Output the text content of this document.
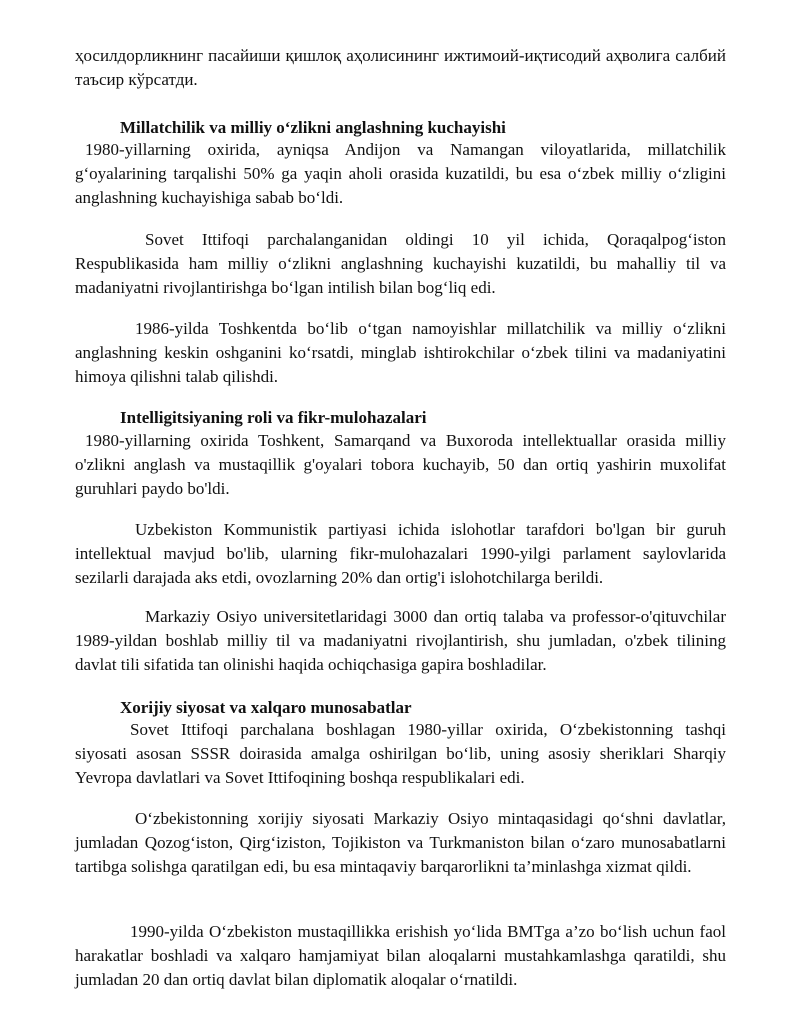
ҳосилдорликнинг пасайиши қишлоқ аҳолисининг ижтимоий-иқтисодий аҳволига салбий таъсир кўрсатди.

Millatchilik va milliy oʻzlikni anglashning kuchayishi

1980-yillarning oxirida, ayniqsa Andijon va Namangan viloyatlarida, millatchilik gʻoyalarining tarqalishi 50% ga yaqin aholi orasida kuzatildi, bu esa oʻzbek milliy oʻzligini anglashning kuchayishiga sabab boʻldi.

Sovet Ittifoqi parchalanganidan oldingi 10 yil ichida, Qoraqalpogʻiston Respublikasida ham milliy oʻzlikni anglashning kuchayishi kuzatildi, bu mahalliy til va madaniyatni rivojlantirishga boʻlgan intilish bilan bogʻliq edi.

1986-yilda Toshkentda boʻlib oʻtgan namoyishlar millatchilik va milliy oʻzlikni anglashning keskin oshganini koʻrsatdi, minglab ishtirokchilar oʻzbek tilini va madaniyatini himoya qilishni talab qilishdi.

Intelligitsiyaning roli va fikr-mulohazalari

1980-yillarning oxirida Toshkent, Samarqand va Buxoroda intellektuallar orasida milliy o'zlikni anglash va mustaqillik g'oyalari tobora kuchayib, 50 dan ortiq yashirin muxolifat guruhlari paydo bo'ldi.

Uzbekiston Kommunistik partiyasi ichida islohotlar tarafdori bo'lgan bir guruh intellektual mavjud bo'lib, ularning fikr-mulohazalari 1990-yilgi parlament saylovlarida sezilarli darajada aks etdi, ovozlarning 20% dan ortig'i islohotchilarga berildi.

Markaziy Osiyo universitetlaridagi 3000 dan ortiq talaba va professor-o'qituvchilar 1989-yildan boshlab milliy til va madaniyatni rivojlantirish, shu jumladan, o'zbek tilining davlat tili sifatida tan olinishi haqida ochiqchasiga gapira boshladilar.

Xorijiy siyosat va xalqaro munosabatlar

Sovet Ittifoqi parchalana boshlagan 1980-yillar oxirida, Oʻzbekistonning tashqi siyosati asosan SSSR doirasida amalga oshirilgan boʻlib, uning asosiy sheriklari Sharqiy Yevropa davlatlari va Sovet Ittifoqining boshqa respublikalari edi.

Oʻzbekistonning xorijiy siyosati Markaziy Osiyo mintaqasidagi qoʻshni davlatlar, jumladan Qozogʻiston, Qirgʻiziston, Tojikiston va Turkmaniston bilan oʻzaro munosabatlarni tartibga solishga qaratilgan edi, bu esa mintaqaviy barqarorlikni ta’minlashga xizmat qildi.

1990-yilda Oʻzbekiston mustaqillikka erishish yoʻlida BMTga a’zo boʻlish uchun faol harakatlar boshladi va xalqaro hamjamiyat bilan aloqalarni mustahkamlashga qaratildi, shu jumladan 20 dan ortiq davlat bilan diplomatik aloqalar oʻrnatildi.
